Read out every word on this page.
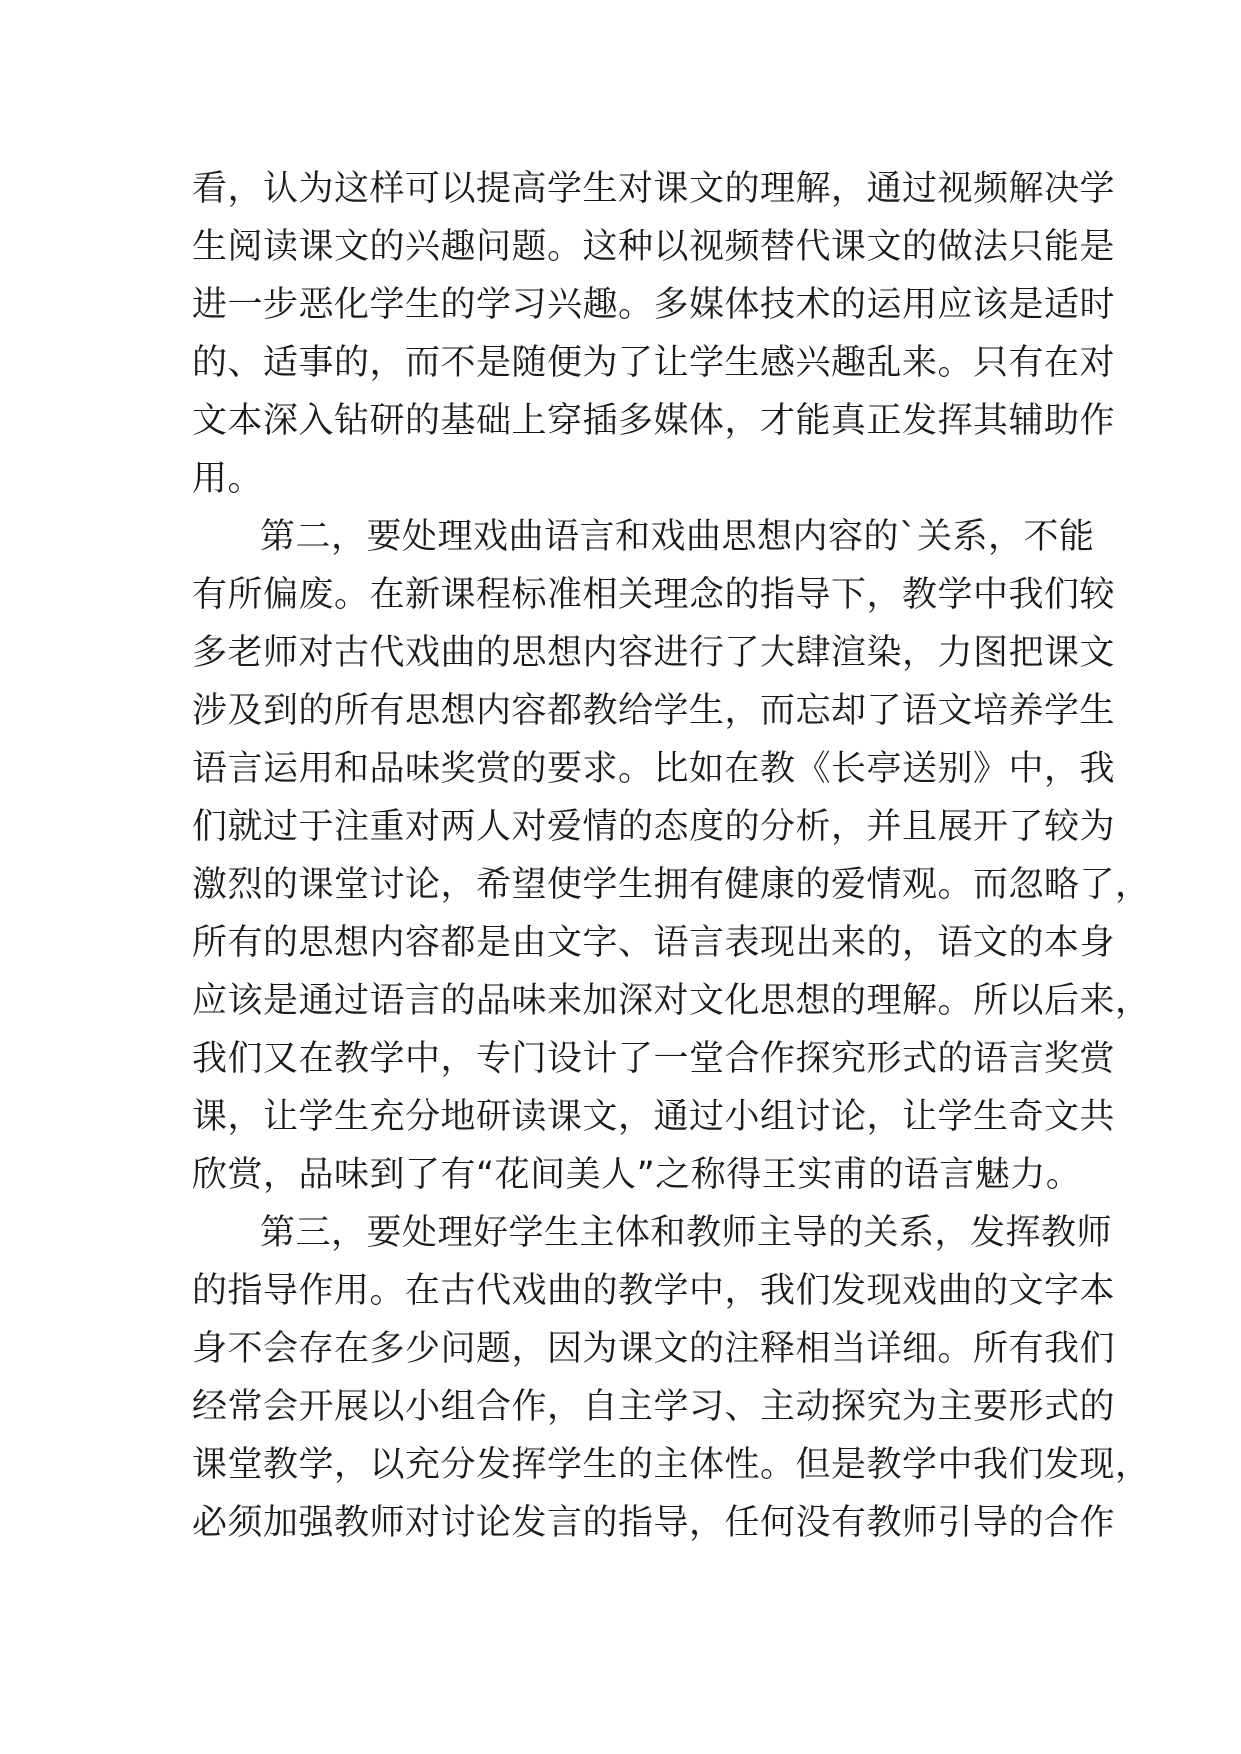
看，认为这样可以提高学生对课文的理解，通过视频解决学
生阅读课文的兴趣问题。这种以视频替代课文的做法只能是
进一步恶化学生的学习兴趣。多媒体技术的运用应该是适时
的、适事的，而不是随便为了让学生感兴趣乱来。只有在对
文本深入钻研的基础上穿插多媒体，才能真正发挥其辅助作
用。
第二，要处理戏曲语言和戏曲思想内容的`关系，不能
有所偏废。在新课程标准相关理念的指导下，教学中我们较
多老师对古代戏曲的思想内容进行了大肆渲染，力图把课文
涉及到的所有思想内容都教给学生，而忘却了语文培养学生
语言运用和品味奖赏的要求。比如在教《长亭送别》中，我
们就过于注重对两人对爱情的态度的分析，并且展开了较为
激烈的课堂讨论，希望使学生拥有健康的爱情观。而忽略了，
所有的思想内容都是由文字、语言表现出来的，语文的本身
应该是通过语言的品味来加深对文化思想的理解。所以后来，
我们又在教学中，专门设计了一堂合作探究形式的语言奖赏
课，让学生充分地研读课文，通过小组讨论，让学生奇文共
欣赏，品味到了有“花间美人”之称得王实甫的语言魅力。
第三，要处理好学生主体和教师主导的关系，发挥教师
的指导作用。在古代戏曲的教学中，我们发现戏曲的文字本
身不会存在多少问题，因为课文的注释相当详细。所有我们
经常会开展以小组合作，自主学习、主动探究为主要形式的
课堂教学，以充分发挥学生的主体性。但是教学中我们发现，
必须加强教师对讨论发言的指导，任何没有教师引导的合作
